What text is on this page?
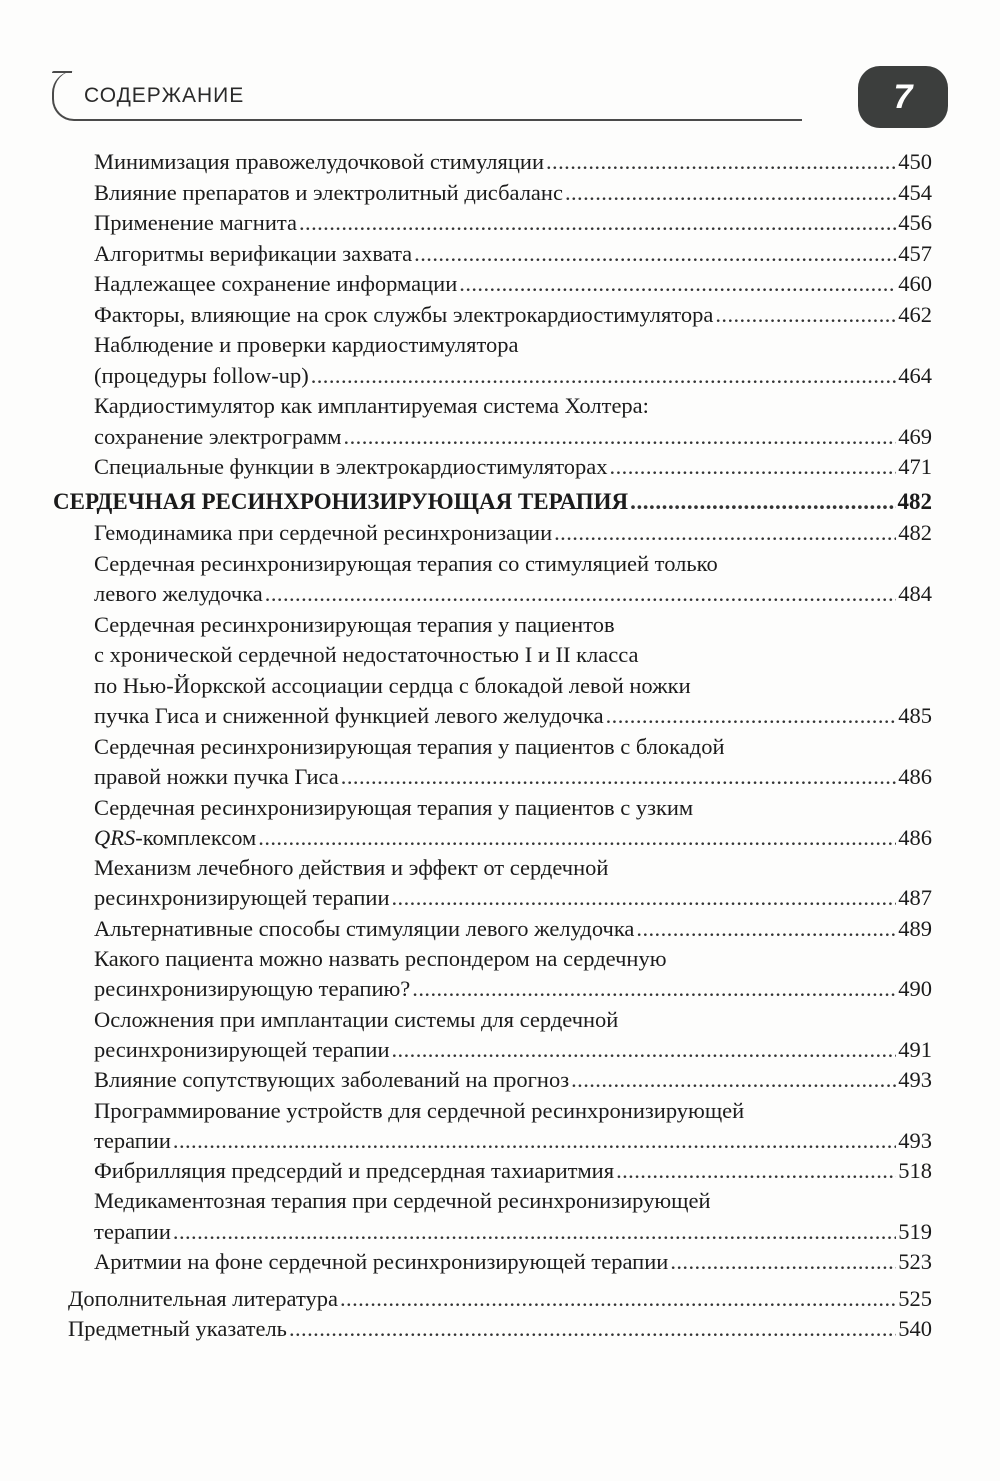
СОДЕРЖАНИЕ	7
Минимизация правожелудочковой стимуляции . . .	450
Влияние препаратов и электролитный дисбаланс . . .	454
Применение магнита . . .	456
Алгоритмы верификации захвата . . .	457
Надлежащее сохранение информации . . .	460
Факторы, влияющие на срок службы электрокардиостимулятора . . .	462
Наблюдение и проверки кардиостимулятора
(процедуры follow-up) . . .	464
Кардиостимулятор как имплантируемая система Холтера:
сохранение электрограмм . . .	469
Специальные функции в электрокардиостимуляторах . . .	471
СЕРДЕЧНАЯ РЕСИНХРОНИЗИРУЮЩАЯ ТЕРАПИЯ . . .	482
Гемодинамика при сердечной ресинхронизации . . .	482
Сердечная ресинхронизирующая терапия со стимуляцией только
левого желудочка . . .	484
Сердечная ресинхронизирующая терапия у пациентов
с хронической сердечной недостаточностью I и II класса
по Нью-Йоркской ассоциации сердца с блокадой левой ножки
пучка Гиса и сниженной функцией левого желудочка . . .	485
Сердечная ресинхронизирующая терапия у пациентов с блокадой
правой ножки пучка Гиса . . .	486
Сердечная ресинхронизирующая терапия у пациентов с узким
QRS-комплексом . . .	486
Механизм лечебного действия и эффект от сердечной
ресинхронизирующей терапии . . .	487
Альтернативные способы стимуляции левого желудочка . . .	489
Какого пациента можно назвать респондером на сердечную
ресинхронизирующую терапию? . . .	490
Осложнения при имплантации системы для сердечной
ресинхронизирующей терапии . . .	491
Влияние сопутствующих заболеваний на прогноз . . .	493
Программирование устройств для сердечной ресинхронизирующей
терапии . . .	493
Фибрилляция предсердий и предсердная тахиаритмия . . .	518
Медикаментозная терапия при сердечной ресинхронизирующей
терапии . . .	519
Аритмии на фоне сердечной ресинхронизирующей терапии . . .	523
Дополнительная литература . . .	525
Предметный указатель . . .	540
